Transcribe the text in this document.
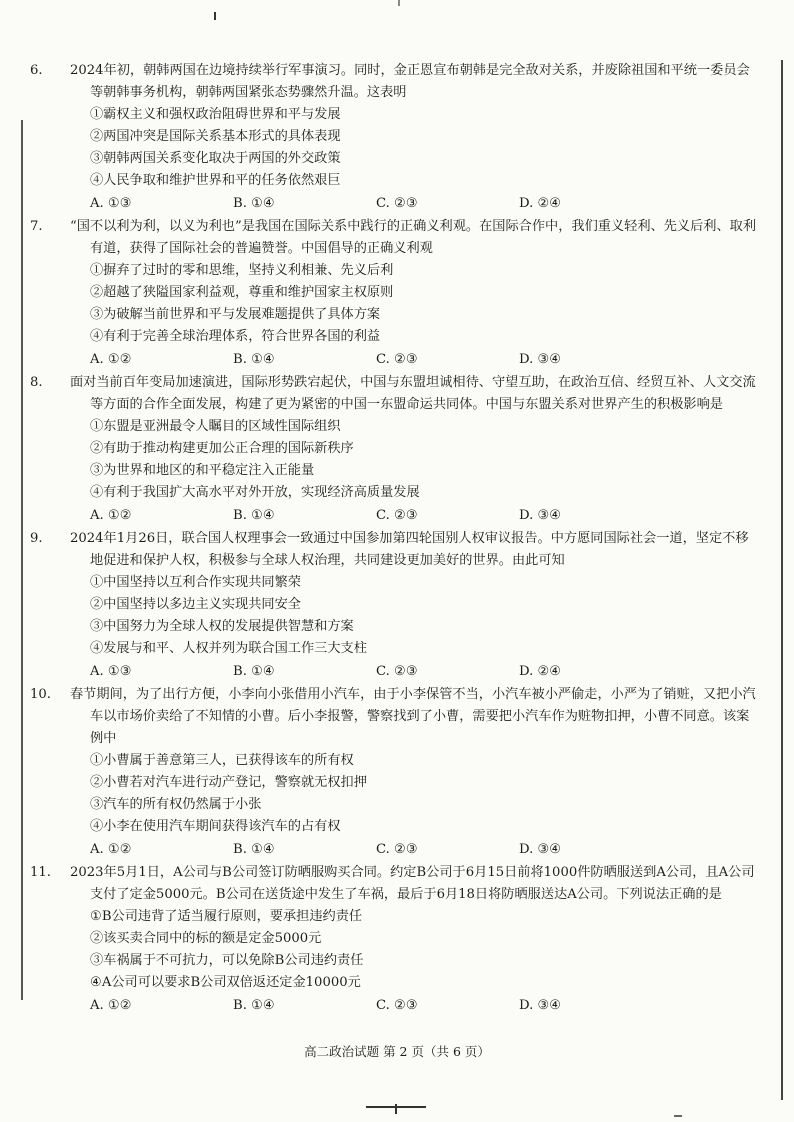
6. 2024年初，朝韩两国在边境持续举行军事演习。同时，金正恩宣布朝韩是完全敌对关系，并废除祖国和平统一委员会等朝韩事务机构，朝韩两国紧张态势骤然升温。这表明
①霸权主义和强权政治阻碍世界和平与发展
②两国冲突是国际关系基本形式的具体表现
③朝韩两国关系变化取决于两国的外交政策
④人民争取和维护世界和平的任务依然艰巨
A. ①③	B. ①④	C. ②③	D. ②④
7. “国不以利为利，以义为利也”是我国在国际关系中践行的正确义利观。在国际合作中，我们重义轻利、先义后利、取利有道，获得了国际社会的普遍赞誉。中国倡导的正确义利观
①摒弃了过时的零和思维，坚持义利相兼、先义后利
②超越了狭隘国家利益观，尊重和维护国家主权原则
③为破解当前世界和平与发展难题提供了具体方案
④有利于完善全球治理体系，符合世界各国的利益
A. ①②	B. ①④	C. ②③	D. ③④
8. 面对当前百年变局加速演进，国际形势跌宕起伏，中国与东盟坦诚相待、守望互助，在政治互信、经贸互补、人文交流等方面的合作全面发展，构建了更为紧密的中国一东盟命运共同体。中国与东盟关系对世界产生的积极影响是
①东盟是亚洲最令人瞩目的区域性国际组织
②有助于推动构建更加公正合理的国际新秩序
③为世界和地区的和平稳定注入正能量
④有利于我国扩大高水平对外开放，实现经济高质量发展
A. ①②	B. ①④	C. ②③	D. ③④
9. 2024年1月26日，联合国人权理事会一致通过中国参加第四轮国别人权审议报告。中方愿同国际社会一道，坚定不移地促进和保护人权，积极参与全球人权治理，共同建设更加美好的世界。由此可知
①中国坚持以互利合作实现共同繁荣
②中国坚持以多边主义实现共同安全
③中国努力为全球人权的发展提供智慧和方案
④发展与和平、人权并列为联合国工作三大支柱
A. ①③	B. ①④	C. ②③	D. ②④
10. 春节期间，为了出行方便，小李向小张借用小汽车，由于小李保管不当，小汽车被小严偷走，小严为了销赃，又把小汽车以市场价卖给了不知情的小曹。后小李报警，警察找到了小曹，需要把小汽车作为赃物扣押，小曹不同意。该案例中
①小曹属于善意第三人，已获得该车的所有权
②小曹若对汽车进行动产登记，警察就无权扣押
③汽车的所有权仍然属于小张
④小李在使用汽车期间获得该汽车的占有权
A. ①②	B. ①④	C. ②③	D. ③④
11. 2023年5月1日，A公司与B公司签订防晒服购买合同。约定B公司于6月15日前将1000件防晒服送到A公司，且A公司支付了定金5000元。B公司在送货途中发生了车祸，最后于6月18日将防晒服送达A公司。下列说法正确的是
①B公司违背了适当履行原则，要承担违约责任
②该买卖合同中的标的额是定金5000元
③车祸属于不可抗力，可以免除B公司违约责任
④A公司可以要求B公司双倍返还定金10000元
A. ①②	B. ①④	C. ②③	D. ③④
高二政治试题 第 2 页（共 6 页）
